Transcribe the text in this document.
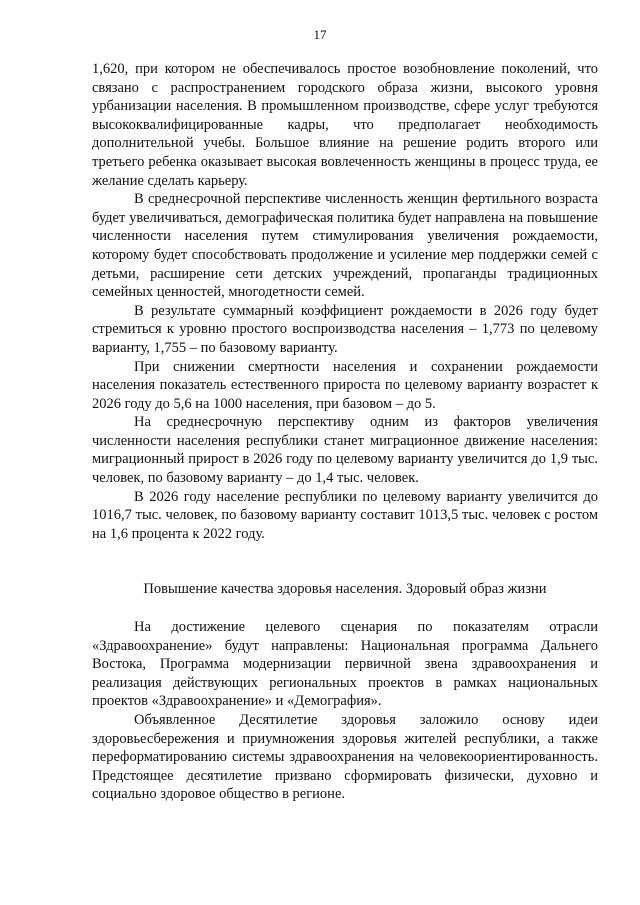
17

1,620, при котором не обеспечивалось простое возобновление поколений, что связано с распространением городского образа жизни, высокого уровня урбанизации населения. В промышленном производстве, сфере услуг требуются высококвалифицированные кадры, что предполагает необходимость дополнительной учебы. Большое влияние на решение родить второго или третьего ребенка оказывает высокая вовлеченность женщины в процесс труда, ее желание сделать карьеру.

В среднесрочной перспективе численность женщин фертильного возраста будет увеличиваться, демографическая политика будет направлена на повышение численности населения путем стимулирования увеличения рождаемости, которому будет способствовать продолжение и усиление мер поддержки семей с детьми, расширение сети детских учреждений, пропаганды традиционных семейных ценностей, многодетности семей.

В результате суммарный коэффициент рождаемости в 2026 году будет стремиться к уровню простого воспроизводства населения – 1,773 по целевому варианту, 1,755 – по базовому варианту.

При снижении смертности населения и сохранении рождаемости населения показатель естественного прироста по целевому варианту возрастет к 2026 году до 5,6 на 1000 населения, при базовом – до 5.

На среднесрочную перспективу одним из факторов увеличения численности населения республики станет миграционное движение населения: миграционный прирост в 2026 году по целевому варианту увеличится до 1,9 тыс. человек, по базовому варианту – до 1,4 тыс. человек.

В 2026 году население республики по целевому варианту увеличится до 1016,7 тыс. человек, по базовому варианту составит 1013,5 тыс. человек с ростом на 1,6 процента к 2022 году.

Повышение качества здоровья населения. Здоровый образ жизни

На достижение целевого сценария по показателям отрасли «Здравоохранение» будут направлены: Национальная программа Дальнего Востока, Программа модернизации первичной звена здравоохранения и реализация действующих региональных проектов в рамках национальных проектов «Здравоохранение» и «Демография».

Объявленное Десятилетие здоровья заложило основу идеи здоровьесбережения и приумножения здоровья жителей республики, а также переформатированию системы здравоохранения на человекоориентированность. Предстоящее десятилетие призвано сформировать физически, духовно и социально здоровое общество в регионе.
